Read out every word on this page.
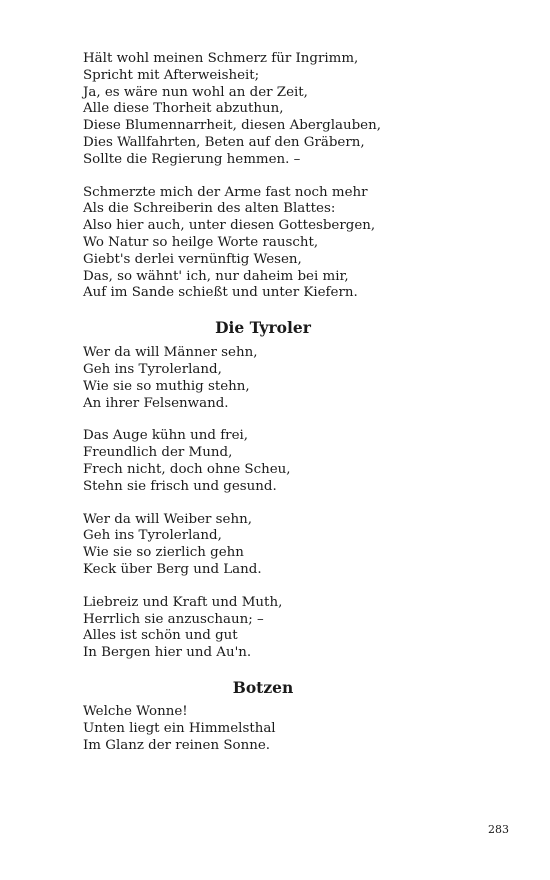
Hält wohl meinen Schmerz für Ingrimm,
Spricht mit Afterweisheit;
Ja, es wäre nun wohl an der Zeit,
Alle diese Thorheit abzuthun,
Diese Blumennarrheit, diesen Aberglauben,
Dies Wallfahrten, Beten auf den Gräbern,
Sollte die Regierung hemmen. –
Schmerzte mich der Arme fast noch mehr
Als die Schreiberin des alten Blattes:
Also hier auch, unter diesen Gottesbergen,
Wo Natur so heilge Worte rauscht,
Giebt's derlei vernünftig Wesen,
Das, so wähnt' ich, nur daheim bei mir,
Auf im Sande schießt und unter Kiefern.
Die Tyroler
Wer da will Männer sehn,
Geh ins Tyrolerland,
Wie sie so muthig stehn,
An ihrer Felsenwand.
Das Auge kühn und frei,
Freundlich der Mund,
Frech nicht, doch ohne Scheu,
Stehn sie frisch und gesund.
Wer da will Weiber sehn,
Geh ins Tyrolerland,
Wie sie so zierlich gehn
Keck über Berg und Land.
Liebreiz und Kraft und Muth,
Herrlich sie anzuschaun; –
Alles ist schön und gut
In Bergen hier und Au'n.
Botzen
Welche Wonne!
Unten liegt ein Himmelsthal
Im Glanz der reinen Sonne.
283
